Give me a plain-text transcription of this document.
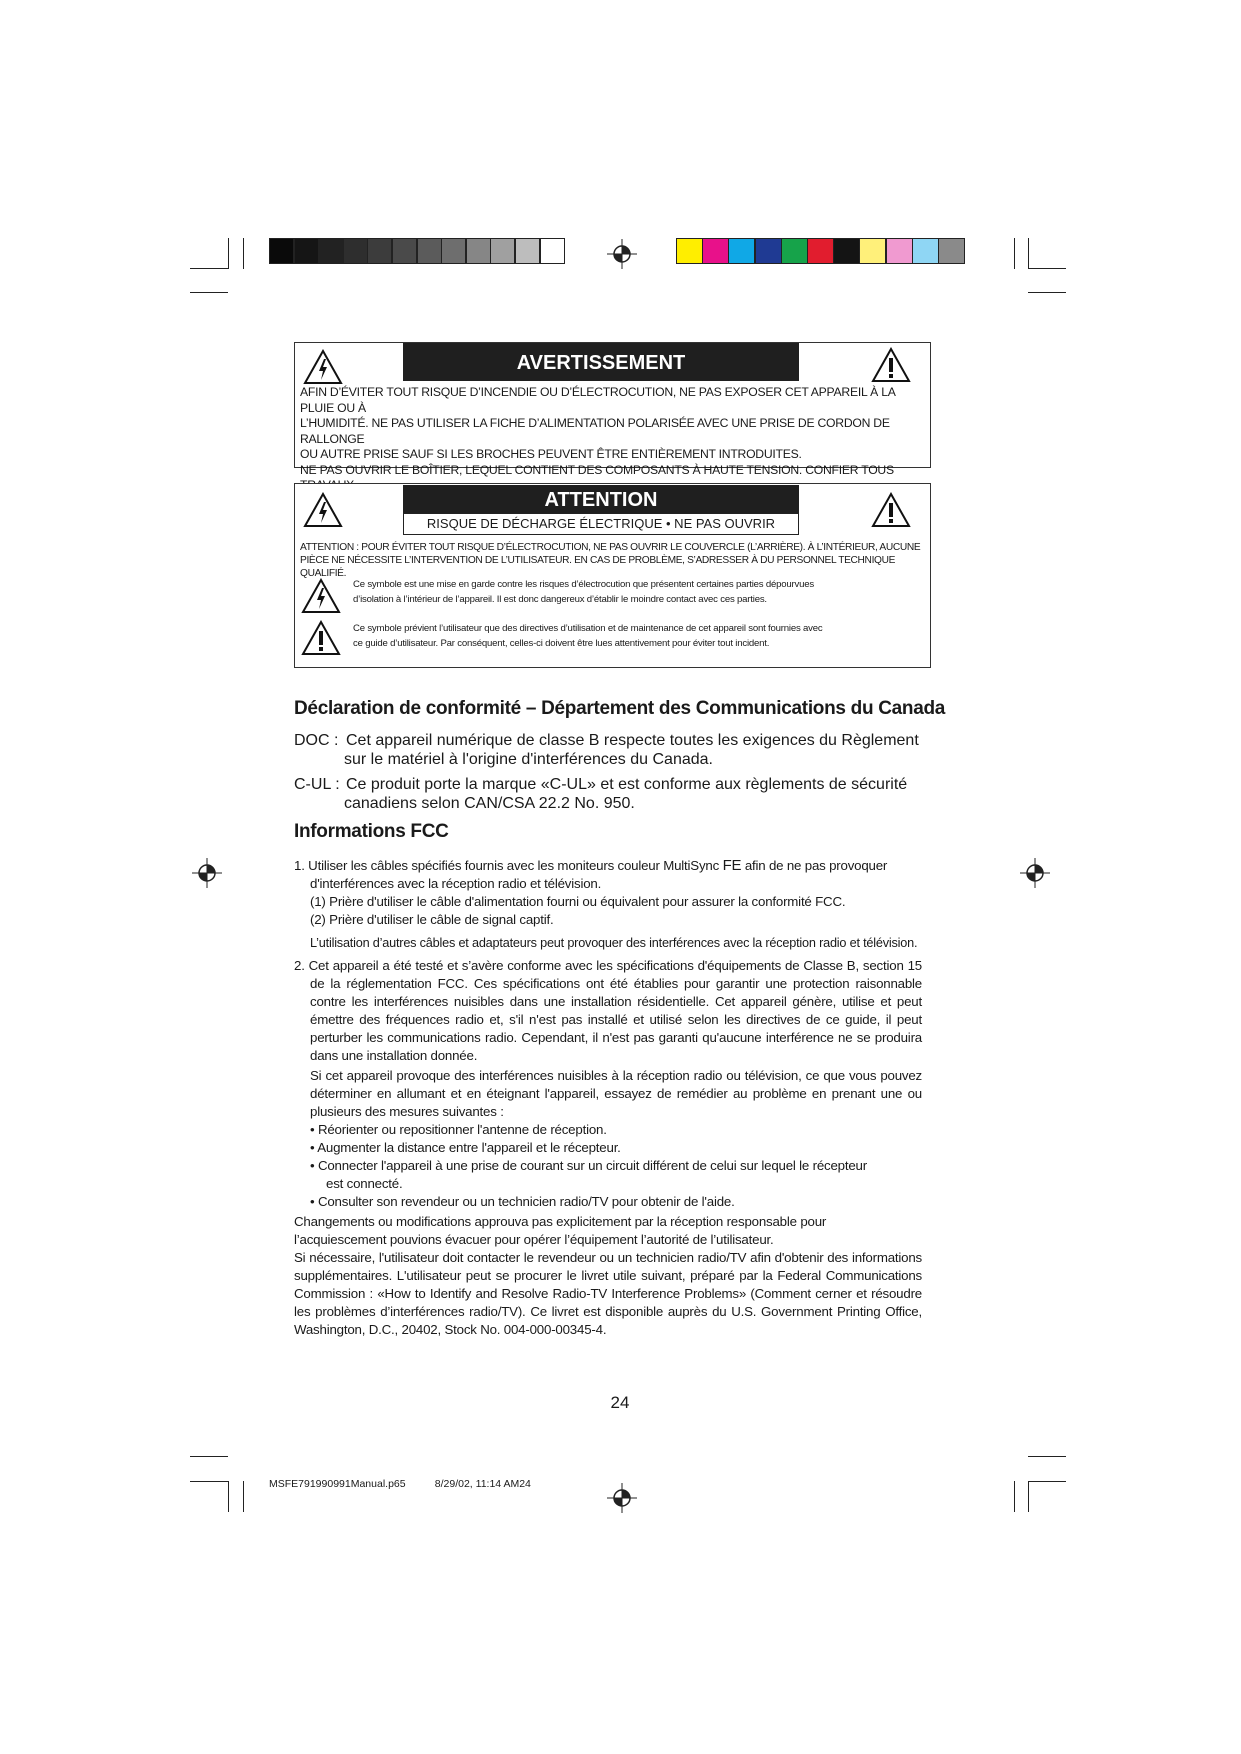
AVERTISSEMENT
AFIN D’ÉVITER TOUT RISQUE D’INCENDIE OU D’ÉLECTROCUTION, NE PAS EXPOSER CET APPAREIL À LA PLUIE OU À
L’HUMIDITÉ. NE PAS UTILISER LA FICHE D’ALIMENTATION POLARISÉE AVEC UNE PRISE DE CORDON DE RALLONGE
OU AUTRE PRISE SAUF SI LES BROCHES PEUVENT ÊTRE ENTIÈREMENT INTRODUITES.
NE PAS OUVRIR LE BOÎTIER, LEQUEL CONTIENT DES COMPOSANTS À HAUTE TENSION. CONFIER TOUS
ATTENTION
RISQUE DE DÉCHARGE ÉLECTRIQUE • NE PAS OUVRIR
ATTENTION : POUR ÉVITER TOUT RISQUE D’ÉLECTROCUTION, NE PAS OUVRIR LE COUVERCLE (L’ARRIÈRE). À L’INTÉRIEUR, AUCUNE
PIÈCE NE NÉCESSITE L’INTERVENTION DE L’UTILISATEUR. EN CAS DE PROBLÈME, S’ADRESSER À DU PERSONNEL TECHNIQUE QUALIFIÉ.
Ce symbole est une mise en garde contre les risques d’électrocution que présentent certaines parties dépourvues
d’isolation à l’intérieur de l’appareil. Il est donc dangereux d’établir le moindre contact avec ces parties.
Ce symbole prévient l’utilisateur que des directives d’utilisation et de maintenance de cet appareil sont fournies avec
ce guide d’utilisateur. Par conséquent, celles-ci doivent être lues attentivement pour éviter tout incident.
Déclaration de conformité – Département des Communications du Canada
DOC : Cet appareil numérique de classe B respecte toutes les exigences du Règlement
sur le matériel à l'origine d'interférences du Canada.
C-UL : Ce produit porte la marque «C-UL» et est conforme aux règlements de sécurité
canadiens selon CAN/CSA 22.2 No. 950.
Informations FCC

1. Utiliser les câbles spécifiés fournis avec les moniteurs couleur MultiSync FE afin de ne pas provoquer

d'interférences avec la réception radio et télévision.

(1) Prière d'utiliser le câble d'alimentation fourni ou équivalent pour assurer la conformité FCC.

(2) Prière d'utiliser le câble de signal captif.

L’utilisation d’autres câbles et adaptateurs peut provoquer des interférences avec la réception radio et télévision.

2. Cet appareil a été testé et s’avère conforme avec les spécifications d'équipements de Classe B, section 15 de la réglementation FCC. Ces spécifications ont été établies pour garantir une protection raisonnable contre les interférences nuisibles dans une installation résidentielle. Cet appareil génère, utilise et peut émettre des fréquences radio et, s'il n'est pas installé et utilisé selon les directives de ce guide, il peut perturber les communications radio. Cependant, il n'est pas garanti qu'aucune interférence ne se produira dans une installation donnée.

Si cet appareil provoque des interférences nuisibles à la réception radio ou télévision, ce que vous pouvez déterminer en allumant et en éteignant l'appareil, essayez de remédier au problème en prenant une ou plusieurs des mesures suivantes :

• Réorienter ou repositionner l'antenne de réception.

• Augmenter la distance entre l'appareil et le récepteur.

• Connecter l'appareil à une prise de courant sur un circuit différent de celui sur lequel le récepteur

est connecté.

• Consulter son revendeur ou un technicien radio/TV pour obtenir de l'aide.

Changements ou modifications approuva pas explicitement par la réception responsable pour

l’acquiescement pouvions évacuer pour opérer l’équipement l’autorité de l’utilisateur.

Si nécessaire, l'utilisateur doit contacter le revendeur ou un technicien radio/TV afin d'obtenir des informations supplémentaires. L'utilisateur peut se procurer le livret utile suivant, préparé par la Federal Communications Commission : «How to Identify and Resolve Radio-TV Interference Problems» (Comment cerner et résoudre les problèmes d’interférences radio/TV). Ce livret est disponible auprès du U.S. Government Printing Office, Washington, D.C., 20402, Stock No. 004-000-00345-4.

24
MSFE791990991Manual.p65          8/29/02, 11:14 AM24
